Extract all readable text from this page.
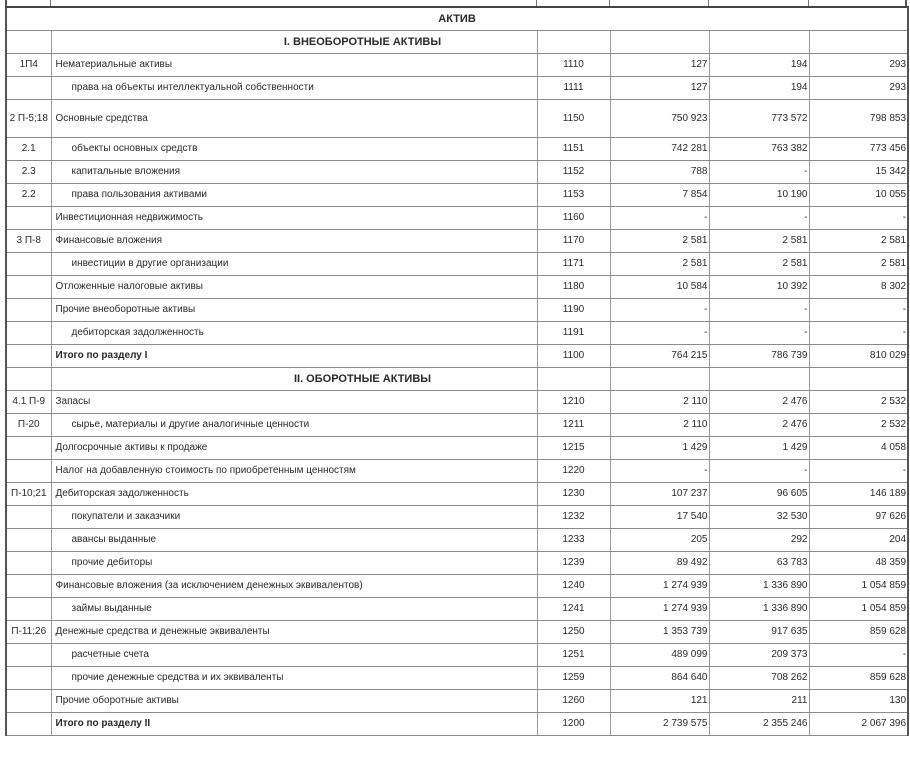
АКТИВ					
	I. ВНЕОБОРОТНЫЕ АКТИВЫ				
1П4	Нематериальные активы	1110	127	194	293
	права на объекты интеллектуальной собственности	1111	127	194	293
2 П-5;18	Основные средства	1150	750 923	773 572	798 853
2.1	объекты основных средств	1151	742 281	763 382	773 456
2.3	капитальные вложения	1152	788	-	15 342
2.2	права пользования активами	1153	7 854	10 190	10 055
	Инвестиционная недвижимость	1160	-	-	-
3 П-8	Финансовые вложения	1170	2 581	2 581	2 581
	инвестиции в другие организации	1171	2 581	2 581	2 581
	Отложенные налоговые активы	1180	10 584	10 392	8 302
	Прочие внеоборотные активы	1190	-	-	-
	дебиторская задолженность	1191	-	-	-
	Итого по разделу I	1100	764 215	786 739	810 029
	II. ОБОРОТНЫЕ АКТИВЫ				
4.1 П-9	Запасы	1210	2 110	2 476	2 532
П-20	сырье, материалы и другие аналогичные ценности	1211	2 110	2 476	2 532
	Долгосрочные активы к продаже	1215	1 429	1 429	4 058
	Налог на добавленную стоимость по приобретенным ценностям	1220	-	-	-
П-10;21	Дебиторская задолженность	1230	107 237	96 605	146 189
	покупатели и заказчики	1232	17 540	32 530	97 626
	авансы выданные	1233	205	292	204
	прочие дебиторы	1239	89 492	63 783	48 359
	Финансовые вложения (за исключением денежных эквивалентов)	1240	1 274 939	1 336 890	1 054 859
	займы выданные	1241	1 274 939	1 336 890	1 054 859
П-11;26	Денежные средства и денежные эквиваленты	1250	1 353 739	917 635	859 628
	расчетные счета	1251	489 099	209 373	-
	прочие денежные средства и их эквиваленты	1259	864 640	708 262	859 628
	Прочие оборотные активы	1260	121	211	130
	Итого по разделу II	1200	2 739 575	2 355 246	2 067 396
